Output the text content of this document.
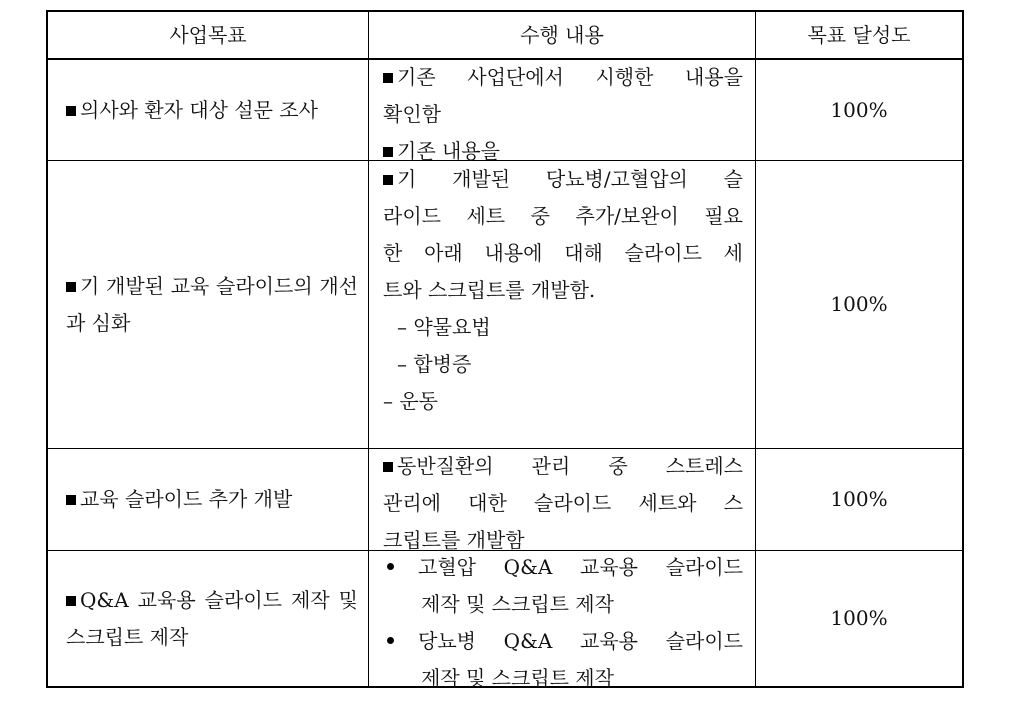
사업목표	수행 내용	목표 달성도
의사와 환자 대상 설문 조사
기존 사업단에서 시행한 내용을
확인함
기존 내용을
100%
기 개발된 교육 슬라이드의 개선과 심화
기 개발된 당뇨병/고혈압의 슬
라이드 세트 중 추가/보완이 필요
한 아래 내용에 대해 슬라이드 세
트와 스크립트를 개발함.
– 약물요법
– 합병증
– 운동
100%
교육 슬라이드 추가 개발
동반질환의 관리 중 스트레스
관리에 대한 슬라이드 세트와 스
크립트를 개발함
100%
Q&A 교육용 슬라이드 제작 및 스크립트 제작
고혈압 Q&A 교육용 슬라이드
제작 및 스크립트 제작
당뇨병 Q&A 교육용 슬라이드
제작 및 스크립트 제작
100%
